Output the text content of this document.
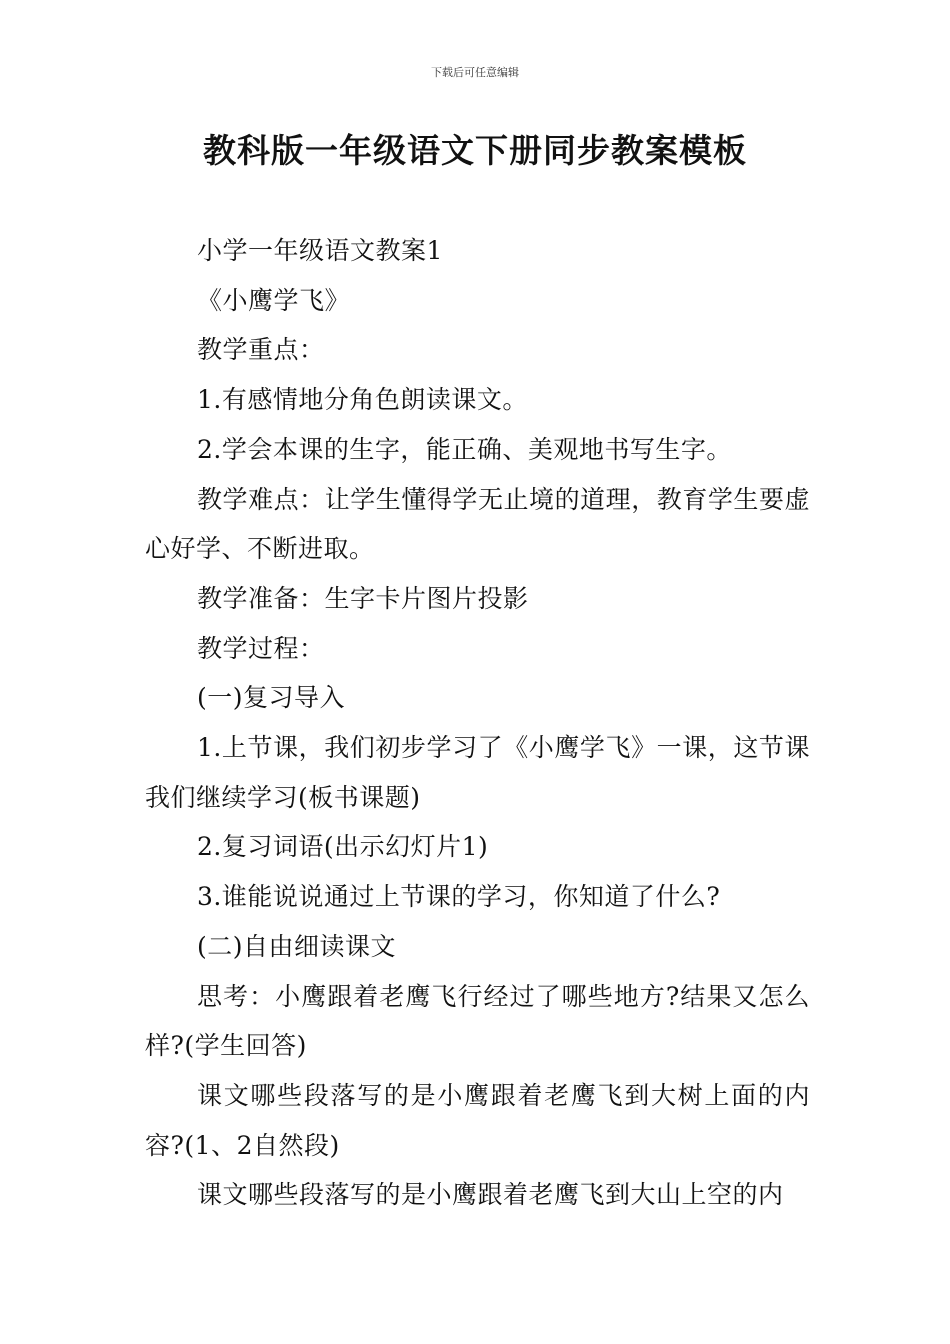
下载后可任意编辑
教科版一年级语文下册同步教案模板

小学一年级语文教案1

《小鹰学飞》

教学重点：

1.有感情地分角色朗读课文。

2.学会本课的生字，能正确、美观地书写生字。

教学难点：让学生懂得学无止境的道理，教育学生要虚心好学、不断进取。

教学准备：生字卡片图片投影

教学过程：

(一)复习导入

1.上节课，我们初步学习了《小鹰学飞》一课，这节课我们继续学习(板书课题)

2.复习词语(出示幻灯片1)

3.谁能说说通过上节课的学习，你知道了什么?

(二)自由细读课文

思考：小鹰跟着老鹰飞行经过了哪些地方?结果又怎么样?(学生回答)

课文哪些段落写的是小鹰跟着老鹰飞到大树上面的内容?(1、2自然段)

课文哪些段落写的是小鹰跟着老鹰飞到大山上空的内
